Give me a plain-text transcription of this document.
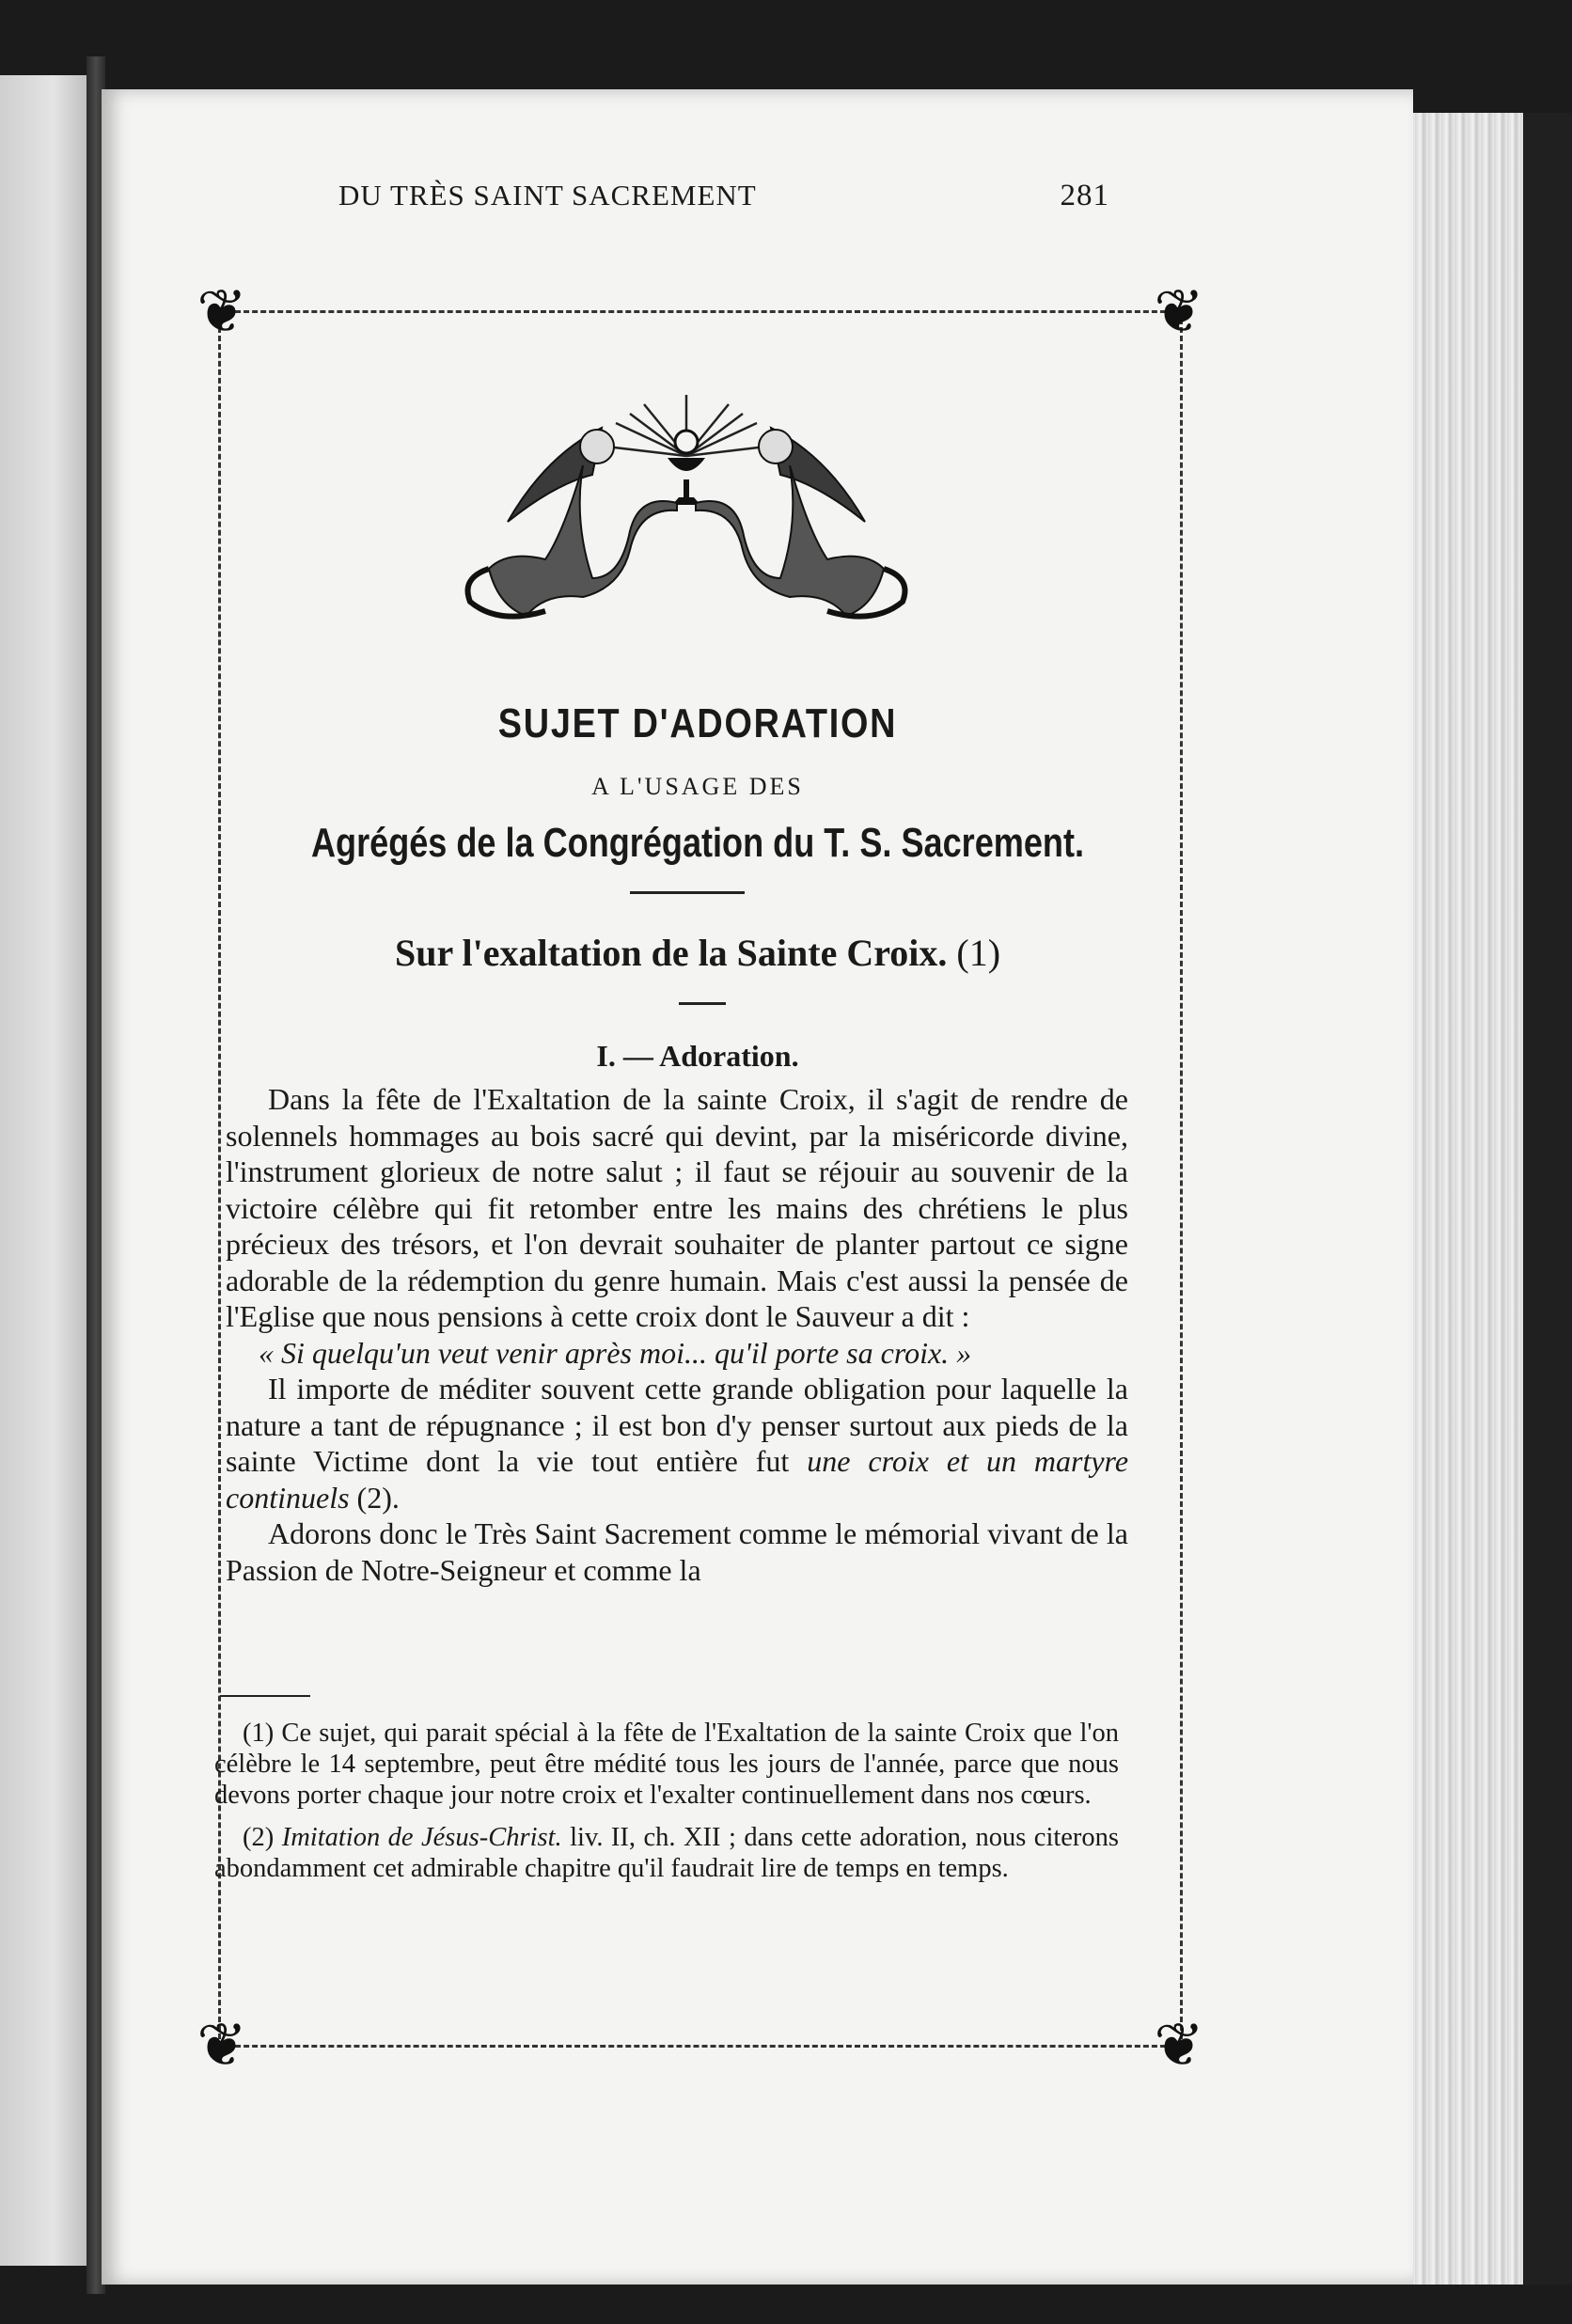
DU TRÈS SAINT SACREMENT	281
❦	❦
❦	❦
SUJET D'ADORATION
A L'USAGE DES
Agrégés de la Congrégation du T. S. Sacrement.
Sur l'exaltation de la Sainte Croix. (1)
I. — Adoration.

Dans la fête de l'Exaltation de la sainte Croix, il s'agit de rendre de solennels hommages au bois sacré qui devint, par la miséricorde divine, l'instrument glorieux de notre salut ; il faut se réjouir au souvenir de la victoire célèbre qui fit retomber entre les mains des chrétiens le plus précieux des trésors, et l'on devrait souhaiter de planter partout ce signe adorable de la rédemption du genre humain. Mais c'est aussi la pensée de l'Eglise que nous pensions à cette croix dont le Sauveur a dit :

« Si quelqu'un veut venir après moi... qu'il porte sa croix. »

Il importe de méditer souvent cette grande obligation pour laquelle la nature a tant de répugnance ; il est bon d'y penser surtout aux pieds de la sainte Victime dont la vie tout entière fut une croix et un martyre continuels (2).

Adorons donc le Très Saint Sacrement comme le mémorial vivant de la Passion de Notre-Seigneur et comme la

(1) Ce sujet, qui parait spécial à la fête de l'Exaltation de la sainte Croix que l'on célèbre le 14 septembre, peut être médité tous les jours de l'année, parce que nous devons porter chaque jour notre croix et l'exalter continuellement dans nos cœurs.

(2) Imitation de Jésus-Christ. liv. II, ch. XII ; dans cette adoration, nous citerons abondamment cet admirable chapitre qu'il faudrait lire de temps en temps.
